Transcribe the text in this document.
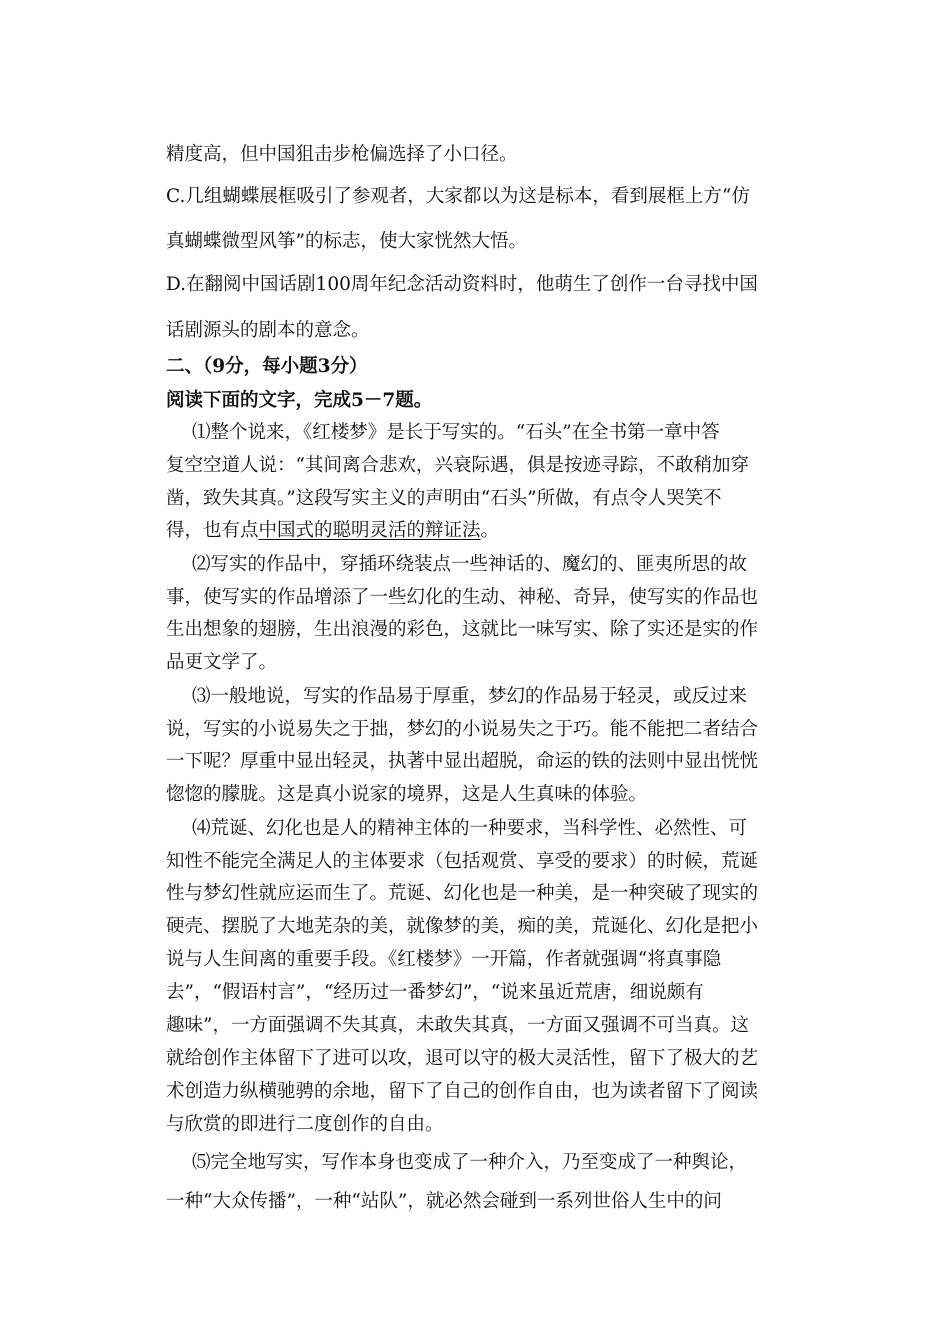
精度高，但中国狙击步枪偏选择了小口径。

C.几组蝴蝶展框吸引了参观者，大家都以为这是标本，看到展框上方“仿

真蝴蝶微型风筝”的标志，使大家恍然大悟。

D.在翻阅中国话剧100周年纪念活动资料时，他萌生了创作一台寻找中国

话剧源头的剧本的意念。

二、（9分，每小题3分）

阅读下面的文字，完成5－7题。

⑴整个说来，《红楼梦》是长于写实的。“石头”在全书第一章中答

复空空道人说：“其间离合悲欢，兴衰际遇，俱是按迹寻踪，不敢稍加穿

凿，致失其真。”这段写实主义的声明由“石头”所做，有点令人哭笑不

得，也有点中国式的聪明灵活的辩证法。

⑵写实的作品中，穿插环绕装点一些神话的、魔幻的、匪夷所思的故

事，使写实的作品增添了一些幻化的生动、神秘、奇异，使写实的作品也

生出想象的翅膀，生出浪漫的彩色，这就比一味写实、除了实还是实的作

品更文学了。

⑶一般地说，写实的作品易于厚重，梦幻的作品易于轻灵，或反过来

说，写实的小说易失之于拙，梦幻的小说易失之于巧。能不能把二者结合

一下呢？厚重中显出轻灵，执著中显出超脱，命运的铁的法则中显出恍恍

惚惚的朦胧。这是真小说家的境界，这是人生真味的体验。

⑷荒诞、幻化也是人的精神主体的一种要求，当科学性、必然性、可

知性不能完全满足人的主体要求（包括观赏、享受的要求）的时候，荒诞

性与梦幻性就应运而生了。荒诞、幻化也是一种美，是一种突破了现实的

硬壳、摆脱了大地芜杂的美，就像梦的美，痴的美，荒诞化、幻化是把小

说与人生间离的重要手段。《红楼梦》一开篇，作者就强调“将真事隐

去”，“假语村言”，“经历过一番梦幻”，“说来虽近荒唐，细说颇有

趣味”，一方面强调不失其真，未敢失其真，一方面又强调不可当真。这

就给创作主体留下了进可以攻，退可以守的极大灵活性，留下了极大的艺

术创造力纵横驰骋的余地，留下了自己的创作自由，也为读者留下了阅读

与欣赏的即进行二度创作的自由。

⑸完全地写实，写作本身也变成了一种介入，乃至变成了一种舆论，

一种“大众传播”，一种“站队”，就必然会碰到一系列世俗人生中的问
